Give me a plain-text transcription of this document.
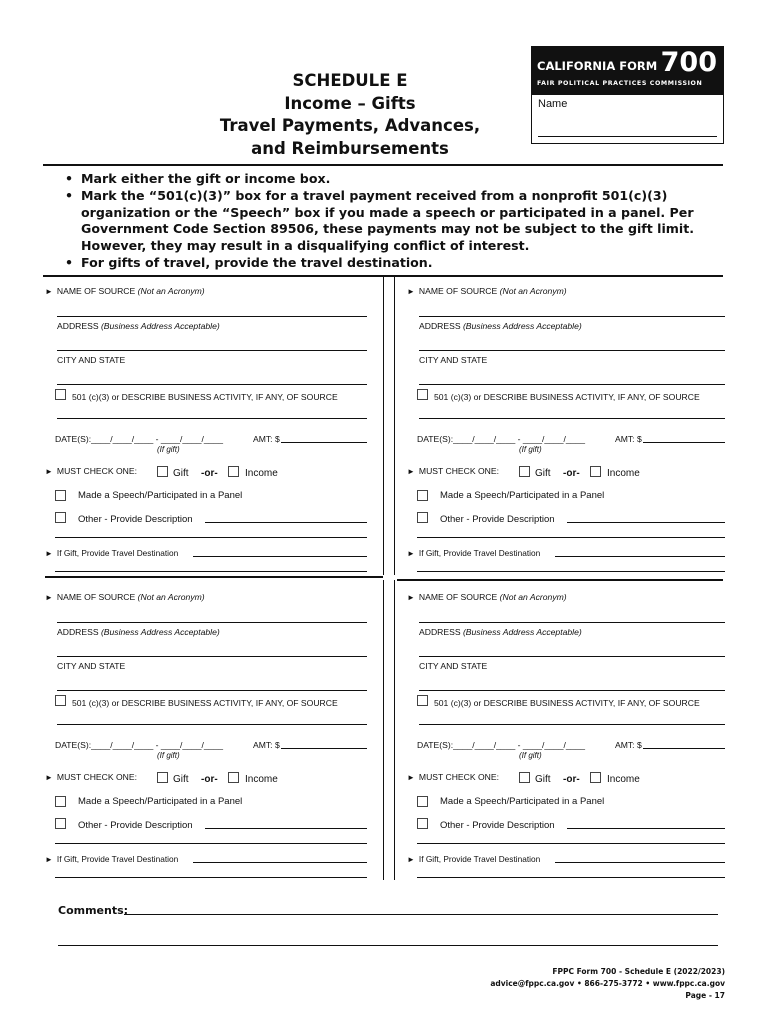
SCHEDULE E
Income – Gifts
Travel Payments, Advances,
and Reimbursements
CALIFORNIA FORM 700
FAIR POLITICAL PRACTICES COMMISSION
Name
• Mark either the gift or income box.
• Mark the “501(c)(3)” box for a travel payment received from a nonprofit 501(c)(3) organization or the “Speech” box if you made a speech or participated in a panel. Per Government Code Section 89506, these payments may not be subject to the gift limit. However, they may result in a disqualifying conflict of interest.
• For gifts of travel, provide the travel destination.
► NAME OF SOURCE (Not an Acronym)
ADDRESS (Business Address Acceptable)
CITY AND STATE
501 (c)(3) or DESCRIBE BUSINESS ACTIVITY, IF ANY, OF SOURCE
DATE(S):____/____/____ - ____/____/____	AMT: $
(If gift)
► MUST CHECK ONE:	Gift -or-	Income
Made a Speech/Participated in a Panel
Other - Provide Description
► If Gift, Provide Travel Destination
► NAME OF SOURCE (Not an Acronym)
ADDRESS (Business Address Acceptable)
CITY AND STATE
501 (c)(3) or DESCRIBE BUSINESS ACTIVITY, IF ANY, OF SOURCE
DATE(S):____/____/____ - ____/____/____	AMT: $
(If gift)
► MUST CHECK ONE:	Gift -or-	Income
Made a Speech/Participated in a Panel
Other - Provide Description
► If Gift, Provide Travel Destination
► NAME OF SOURCE (Not an Acronym)
ADDRESS (Business Address Acceptable)
CITY AND STATE
501 (c)(3) or DESCRIBE BUSINESS ACTIVITY, IF ANY, OF SOURCE
DATE(S):____/____/____ - ____/____/____	AMT: $
(If gift)
► MUST CHECK ONE:	Gift -or-	Income
Made a Speech/Participated in a Panel
Other - Provide Description
► If Gift, Provide Travel Destination
► NAME OF SOURCE (Not an Acronym)
ADDRESS (Business Address Acceptable)
CITY AND STATE
501 (c)(3) or DESCRIBE BUSINESS ACTIVITY, IF ANY, OF SOURCE
DATE(S):____/____/____ - ____/____/____	AMT: $
(If gift)
► MUST CHECK ONE:	Gift -or-	Income
Made a Speech/Participated in a Panel
Other - Provide Description
► If Gift, Provide Travel Destination
Comments:
FPPC Form 700 - Schedule E (2022/2023)
advice@fppc.ca.gov • 866-275-3772 • www.fppc.ca.gov
Page - 17
